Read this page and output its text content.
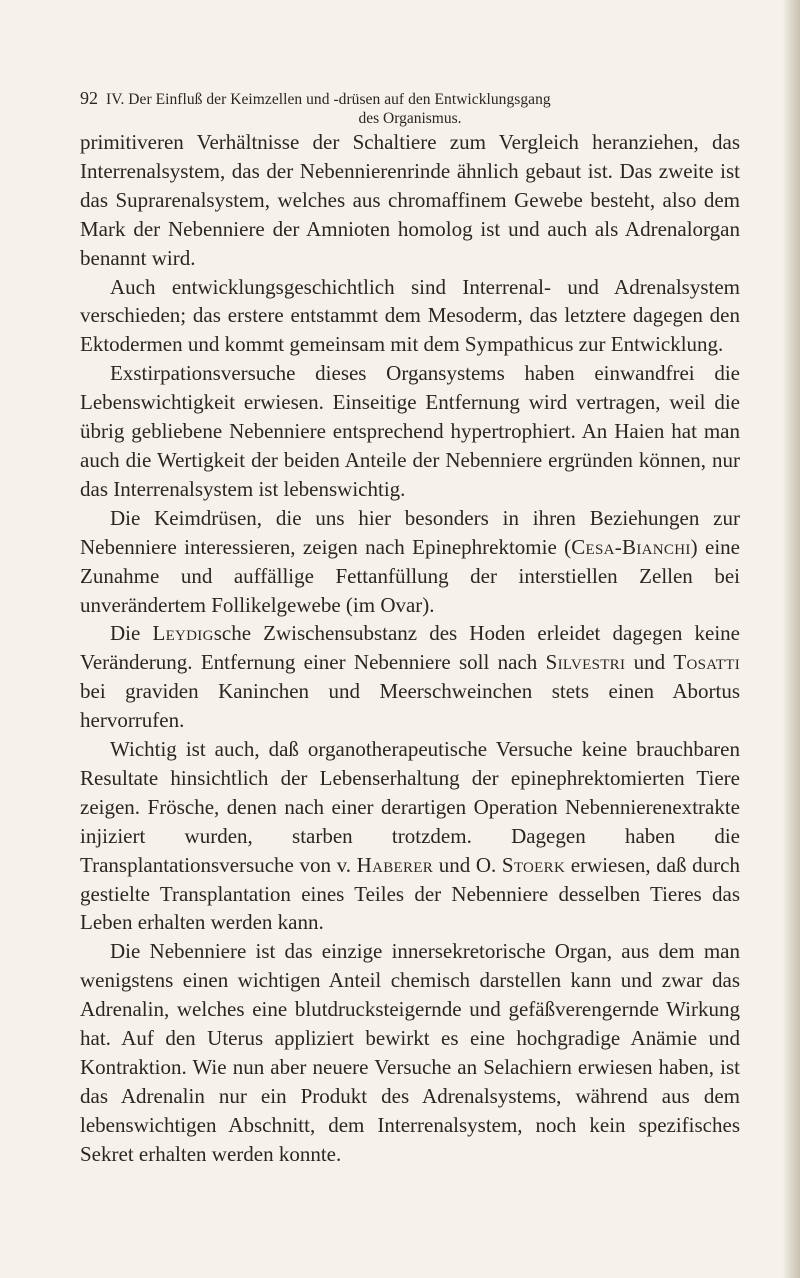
92 IV. Der Einfluß der Keimzellen und -drüsen auf den Entwicklungsgang
des Organismus.

primitiveren Verhältnisse der Schaltiere zum Vergleich heranziehen, das Interrenalsystem, das der Nebennierenrinde ähnlich gebaut ist. Das zweite ist das Suprarenalsystem, welches aus chromaffinem Gewebe besteht, also dem Mark der Nebenniere der Amnioten homolog ist und auch als Adrenalorgan benannt wird.

Auch entwicklungsgeschichtlich sind Interrenal- und Adrenalsystem verschieden; das erstere entstammt dem Mesoderm, das letztere dagegen den Ektodermen und kommt gemeinsam mit dem Sympathicus zur Entwicklung.

Exstirpationsversuche dieses Organsystems haben einwandfrei die Lebenswichtigkeit erwiesen. Einseitige Entfernung wird vertragen, weil die übrig gebliebene Nebenniere entsprechend hypertrophiert. An Haien hat man auch die Wertigkeit der beiden Anteile der Nebenniere ergründen können, nur das Interrenalsystem ist lebenswichtig.

Die Keimdrüsen, die uns hier besonders in ihren Beziehungen zur Nebenniere interessieren, zeigen nach Epinephrektomie (Cesa-Bianchi) eine Zunahme und auffällige Fettanfüllung der interstiellen Zellen bei unverändertem Follikelgewebe (im Ovar).

Die Leydigsche Zwischensubstanz des Hoden erleidet dagegen keine Veränderung. Entfernung einer Nebenniere soll nach Silvestri und Tosatti bei graviden Kaninchen und Meerschweinchen stets einen Abortus hervorrufen.

Wichtig ist auch, daß organotherapeutische Versuche keine brauchbaren Resultate hinsichtlich der Lebenserhaltung der epinephrektomierten Tiere zeigen. Frösche, denen nach einer derartigen Operation Nebennierenextrakte injiziert wurden, starben trotzdem. Dagegen haben die Transplantationsversuche von v. Haberer und O. Stoerk erwiesen, daß durch gestielte Transplantation eines Teiles der Nebenniere desselben Tieres das Leben erhalten werden kann.

Die Nebenniere ist das einzige innersekretorische Organ, aus dem man wenigstens einen wichtigen Anteil chemisch darstellen kann und zwar das Adrenalin, welches eine blutdrucksteigernde und gefäßverengernde Wirkung hat. Auf den Uterus appliziert bewirkt es eine hochgradige Anämie und Kontraktion. Wie nun aber neuere Versuche an Selachiern erwiesen haben, ist das Adrenalin nur ein Produkt des Adrenalsystems, während aus dem lebenswichtigen Abschnitt, dem Interrenalsystem, noch kein spezifisches Sekret erhalten werden konnte.
